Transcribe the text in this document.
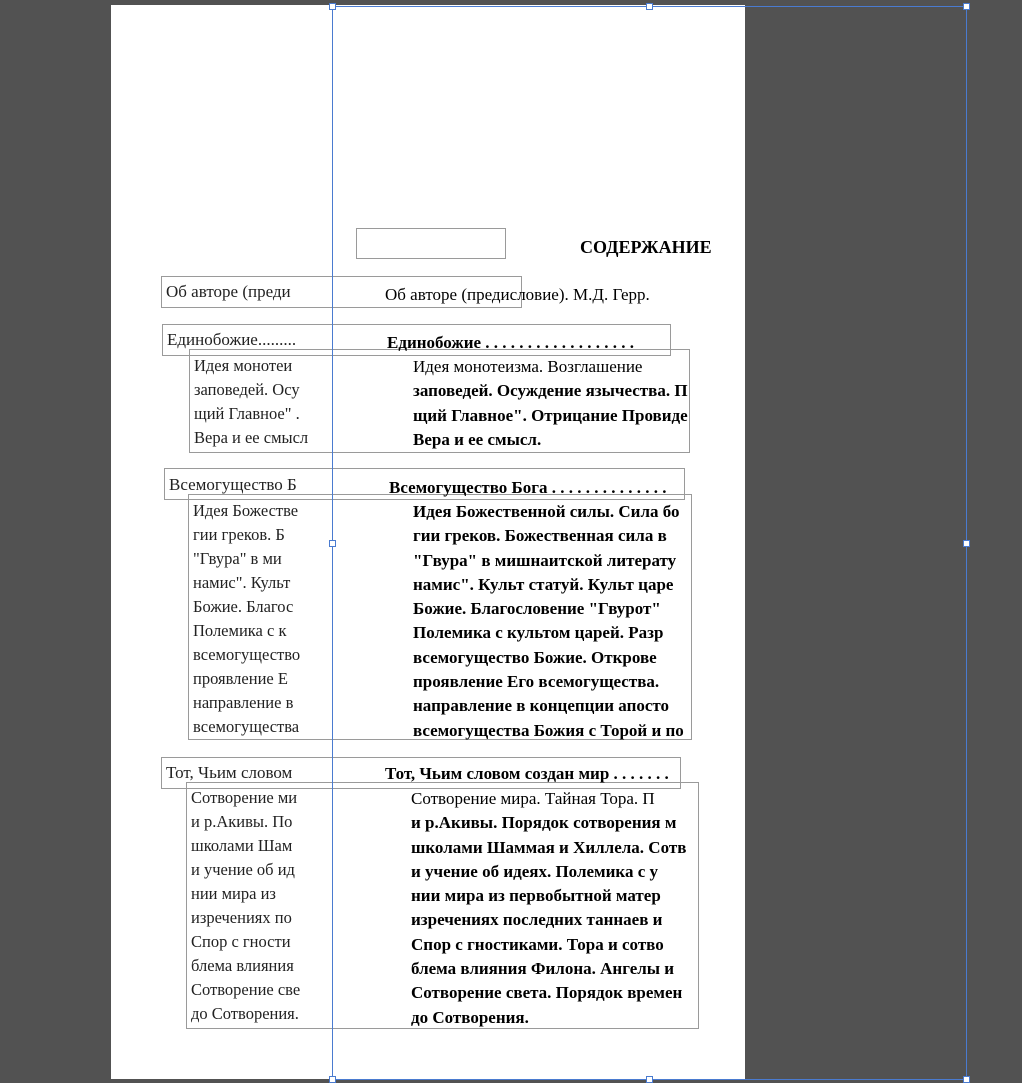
Об авторе (преди
Единобожие.........
Идея монотеи
заповедей. Осу
щий Главное" .
Вера и ее смысл
Всемогущество Б
Идея Божестве
гии греков. Б
"Гвура" в ми
намис". Культ
Божие. Благос
Полемика с к
всемогущество
проявление Е
направление в
всемогущества
Тот, Чьим словом
Сотворение ми
и р.Акивы. По
школами Шам
и учение об ид
нии мира из
изречениях по
Спор с гности
блема влияния
Сотворение све
до Сотворения.
СОДЕРЖАНИЕ
Об авторе (предисловие). М.Д. Герр.
Единобожие . . . . . . . . . . . . . . . . . .
Идея монотеизма. Возглашение
заповедей. Осуждение язычества. П
щий Главное". Отрицание Провиде
Вера и ее смысл.
Всемогущество Бога . . . . . . . . . . . . . .
Идея Божественной силы. Сила бо
гии греков. Божественная сила в
"Гвура" в мишнаитской литерату
намис". Культ статуй. Культ царе
Божие. Благословение "Гвурот"
Полемика с культом царей. Разр
всемогущество Божие. Открове
проявление Его всемогущества.
направление в концепции апосто
всемогущества Божия с Торой и по
Тот, Чьим словом создан мир . . . . . . .
Сотворение мира. Тайная Тора. П
и р.Акивы. Порядок сотворения м
школами Шаммая и Хиллела. Сотв
и учение об идеях. Полемика с у
нии мира из первобытной матер
изречениях последних таннаев и
Спор с гностиками. Тора и сотво
блема влияния Филона. Ангелы и
Сотворение света. Порядок времен
до Сотворения.
